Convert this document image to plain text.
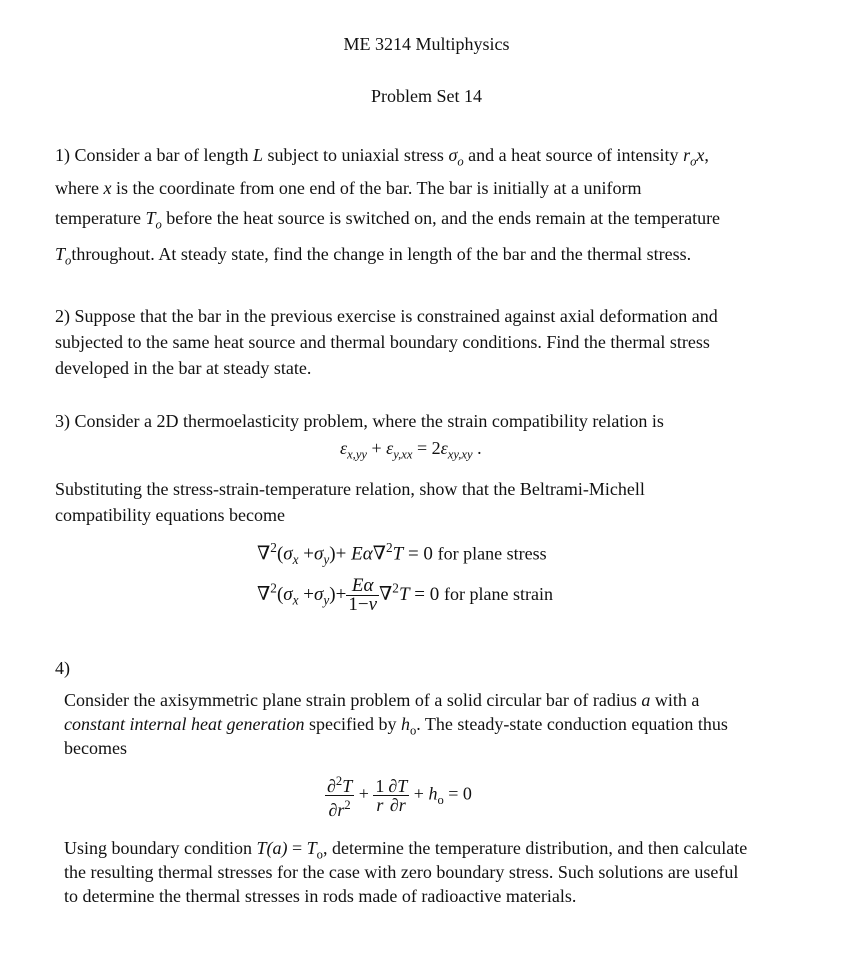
ME 3214 Multiphysics
Problem Set 14
1) Consider a bar of length L subject to uniaxial stress $\sigma_o$ and a heat source of intensity $r_ox$,
where x is the coordinate from one end of the bar. The bar is initially at a uniform
temperature $T_o$ before the heat source is switched on, and the ends remain at the temperature
$T_othroughout$. At steady state, find the change in length of the bar and the thermal stress.
2) Suppose that the bar in the previous exercise is constrained against axial deformation and
subjected to the same heat source and thermal boundary conditions. Find the thermal stress
developed in the bar at steady state.
3) Consider a 2D thermoelasticity problem, where the strain compatibility relation is
$\varepsilon_{x,yy} + \varepsilon_{y,xx} = 2\varepsilon_{xy,xy}$ .
Substituting the stress-strain-temperature relation, show that the Beltrami-Michell
compatibility equations become
$\nabla^2(\sigma_x +\sigma_y)+ E\alpha\nabla^2T = 0$ for plane stress
$\nabla^2(\sigma_x +\sigma_y)+ \frac{E\alpha}{1-\nu} \nabla^2T = 0$ for plane strain
4)
Consider the axisymmetric plane strain problem of a solid circular bar of radius a with a
constant internal heat generation specified by $h_o$. The steady-state conduction equation thus
becomes
$\frac{\partial^2T}{\partial r^2} + \frac{1}{r} \frac{\partial T}{\partial r} + h_o = 0$
Using boundary condition $T(a) = T_o$, determine the temperature distribution, and then calculate
the resulting thermal stresses for the case with zero boundary stress. Such solutions are useful
to determine the thermal stresses in rods made of radioactive materials.
